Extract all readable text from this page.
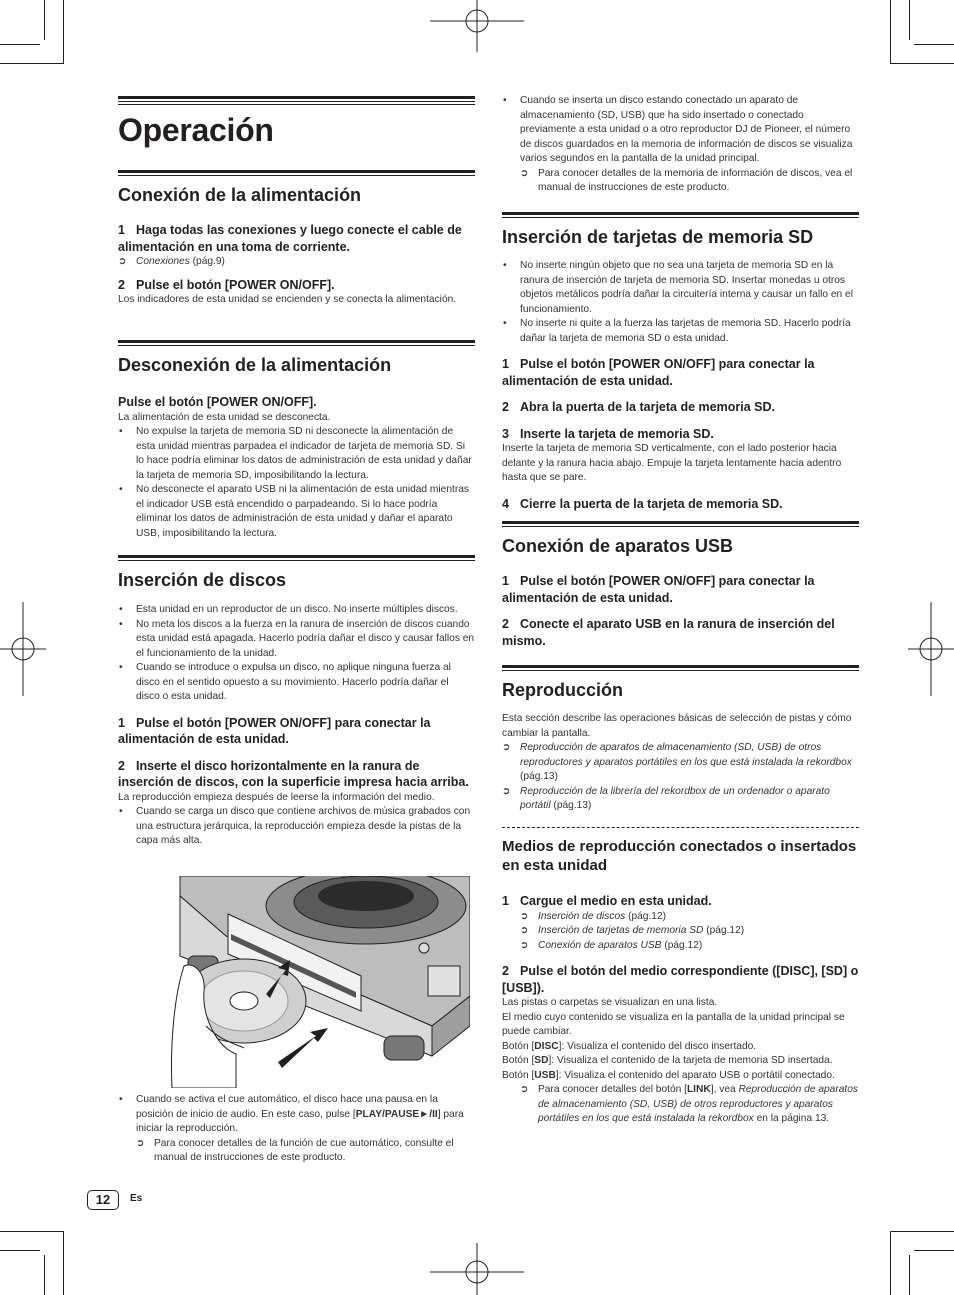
Operación
Conexión de la alimentación

1 Haga todas las conexiones y luego conecte el cable de alimentación en una toma de corriente.

➲ Conexiones (pág.9)

2 Pulse el botón [POWER ON/OFF].

Los indicadores de esta unidad se encienden y se conecta la alimentación.

Desconexión de la alimentación

Pulse el botón [POWER ON/OFF].

La alimentación de esta unidad se desconecta.

• No expulse la tarjeta de memoria SD ni desconecte la alimentación de esta unidad mientras parpadea el indicador de tarjeta de memoria SD. Si lo hace podría eliminar los datos de administración de esta unidad y dañar la tarjeta de memoria SD, imposibilitando la lectura.

• No desconecte el aparato USB ni la alimentación de esta unidad mientras el indicador USB está encendido o parpadeando. Si lo hace podría eliminar los datos de administración de esta unidad y dañar el aparato USB, imposibilitando la lectura.

Inserción de discos

• Esta unidad en un reproductor de un disco. No inserte múltiples discos.

• No meta los discos a la fuerza en la ranura de inserción de discos cuando esta unidad está apagada. Hacerlo podría dañar el disco y causar fallos en el funcionamiento de la unidad.

• Cuando se introduce o expulsa un disco, no aplique ninguna fuerza al disco en el sentido opuesto a su movimiento. Hacerlo podría dañar el disco o esta unidad.

1 Pulse el botón [POWER ON/OFF] para conectar la alimentación de esta unidad.

2 Inserte el disco horizontalmente en la ranura de inserción de discos, con la superficie impresa hacia arriba.

La reproducción empieza después de leerse la información del medio.

• Cuando se carga un disco que contiene archivos de música grabados con una estructura jerárquica, la reproducción empieza desde la pistas de la capa más alta.

• Cuando se activa el cue automático, el disco hace una pausa en la posición de inicio de audio. En este caso, pulse [PLAY/PAUSE►/II] para iniciar la reproducción.

➲ Para conocer detalles de la función de cue automático, consulte el manual de instrucciones de este producto.

• Cuando se inserta un disco estando conectado un aparato de almacenamiento (SD, USB) que ha sido insertado o conectado previamente a esta unidad o a otro reproductor DJ de Pioneer, el número de discos guardados en la memoria de información de discos se visualiza varios segundos en la pantalla de la unidad principal.

➲ Para conocer detalles de la memoria de información de discos, vea el manual de instrucciones de este producto.

Inserción de tarjetas de memoria SD

• No inserte ningún objeto que no sea una tarjeta de memoria SD en la ranura de inserción de tarjeta de memoria SD. Insertar monedas u otros objetos metálicos podría dañar la circuitería interna y causar un fallo en el funcionamiento.

• No inserte ni quite a la fuerza las tarjetas de memoria SD. Hacerlo podría dañar la tarjeta de memoria SD o esta unidad.

1 Pulse el botón [POWER ON/OFF] para conectar la alimentación de esta unidad.

2 Abra la puerta de la tarjeta de memoria SD.

3 Inserte la tarjeta de memoria SD.

Inserte la tarjeta de memoria SD verticalmente, con el lado posterior hacia delante y la ranura hacia abajo. Empuje la tarjeta lentamente hacia adentro hasta que se pare.

4 Cierre la puerta de la tarjeta de memoria SD.

Conexión de aparatos USB

1 Pulse el botón [POWER ON/OFF] para conectar la alimentación de esta unidad.

2 Conecte el aparato USB en la ranura de inserción del mismo.

Reproducción

Esta sección describe las operaciones básicas de selección de pistas y cómo cambiar la pantalla.

➲ Reproducción de aparatos de almacenamiento (SD, USB) de otros reproductores y aparatos portátiles en los que está instalada la rekordbox (pág.13)

➲ Reproducción de la librería del rekordbox de un ordenador o aparato portátil (pág.13)

Medios de reproducción conectados o insertados en esta unidad

1 Cargue el medio en esta unidad.

➲ Inserción de discos (pág.12)

➲ Inserción de tarjetas de memoria SD (pág.12)

➲ Conexión de aparatos USB (pág.12)

2 Pulse el botón del medio correspondiente ([DISC], [SD] o [USB]).

Las pistas o carpetas se visualizan en una lista.

El medio cuyo contenido se visualiza en la pantalla de la unidad principal se puede cambiar.

Botón [DISC]: Visualiza el contenido del disco insertado.

Botón [SD]: Visualiza el contenido de la tarjeta de memoria SD insertada.

Botón [USB]: Visualiza el contenido del aparato USB o portátil conectado.

➲ Para conocer detalles del botón [LINK], vea Reproducción de aparatos de almacenamiento (SD, USB) de otros reproductores y aparatos portátiles en los que está instalada la rekordbox en la página 13.

12	Es
